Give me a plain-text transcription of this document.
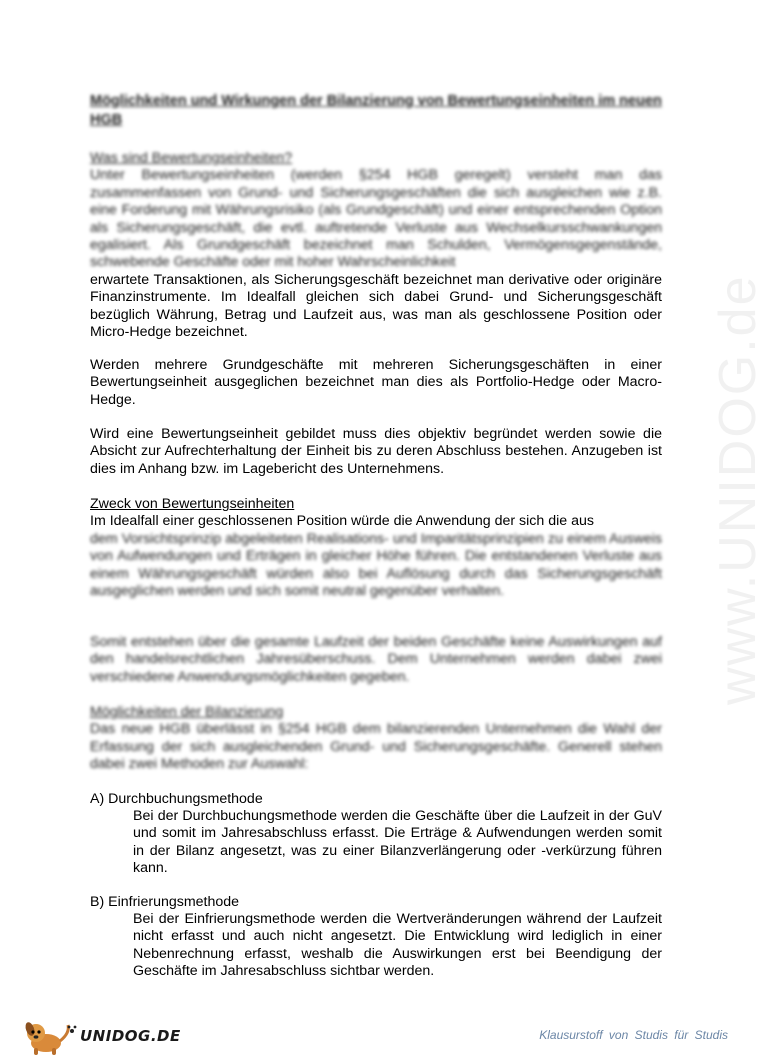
www.UNIDOG.de
Möglichkeiten und Wirkungen der Bilanzierung von Bewertungseinheiten im neuen HGB
Was sind Bewertungseinheiten?
Unter Bewertungseinheiten (werden §254 HGB geregelt) versteht man das zusammenfassen von Grund- und Sicherungsgeschäften die sich ausgleichen wie z.B. eine Forderung mit Währungsrisiko (als Grundgeschäft) und einer entsprechenden Option als Sicherungsgeschäft, die evtl. auftretende Verluste aus Wechselkursschwankungen egalisiert. Als Grundgeschäft bezeichnet man Schulden, Vermögensgegenstände, schwebende Geschäfte oder mit hoher Wahrscheinlichkeit
erwartete Transaktionen, als Sicherungsgeschäft bezeichnet man derivative oder originäre Finanzinstrumente. Im Idealfall gleichen sich dabei Grund- und Sicherungsgeschäft bezüglich Währung, Betrag und Laufzeit aus, was man als geschlossene Position oder Micro-Hedge bezeichnet.
Werden mehrere Grundgeschäfte mit mehreren Sicherungsgeschäften in einer Bewertungseinheit ausgeglichen bezeichnet man dies als Portfolio-Hedge oder Macro-Hedge.
Wird eine Bewertungseinheit gebildet muss dies objektiv begründet werden sowie die Absicht zur Aufrechterhaltung der Einheit bis zu deren Abschluss bestehen. Anzugeben ist dies im Anhang bzw. im Lagebericht des Unternehmens.
Zweck von Bewertungseinheiten
Im Idealfall einer geschlossenen Position würde die Anwendung der sich die aus
dem Vorsichtsprinzip abgeleiteten Realisations- und Imparitätsprinzipien zu einem Ausweis von Aufwendungen und Erträgen in gleicher Höhe führen. Die entstandenen Verluste aus einem Währungsgeschäft würden also bei Auflösung durch das Sicherungsgeschäft ausgeglichen werden und sich somit neutral gegenüber verhalten.
Somit entstehen über die gesamte Laufzeit der beiden Geschäfte keine Auswirkungen auf den handelsrechtlichen Jahresüberschuss. Dem Unternehmen werden dabei zwei verschiedene Anwendungsmöglichkeiten gegeben.
Möglichkeiten der Bilanzierung
Das neue HGB überlässt in §254 HGB dem bilanzierenden Unternehmen die Wahl der Erfassung der sich ausgleichenden Grund- und Sicherungsgeschäfte. Generell stehen dabei zwei Methoden zur Auswahl:
A) Durchbuchungsmethode
Bei der Durchbuchungsmethode werden die Geschäfte über die Laufzeit in der GuV und somit im Jahresabschluss erfasst. Die Erträge & Aufwendungen werden somit in der Bilanz angesetzt, was zu einer Bilanzverlängerung oder -verkürzung führen kann.
B) Einfrierungsmethode
Bei der Einfrierungsmethode werden die Wertveränderungen während der Laufzeit nicht erfasst und auch nicht angesetzt. Die Entwicklung wird lediglich in einer Nebenrechnung erfasst, weshalb die Auswirkungen erst bei Beendigung der Geschäfte im Jahresabschluss sichtbar werden.
UNIDOG.DE	Klausurstoff von Studis für Studis
